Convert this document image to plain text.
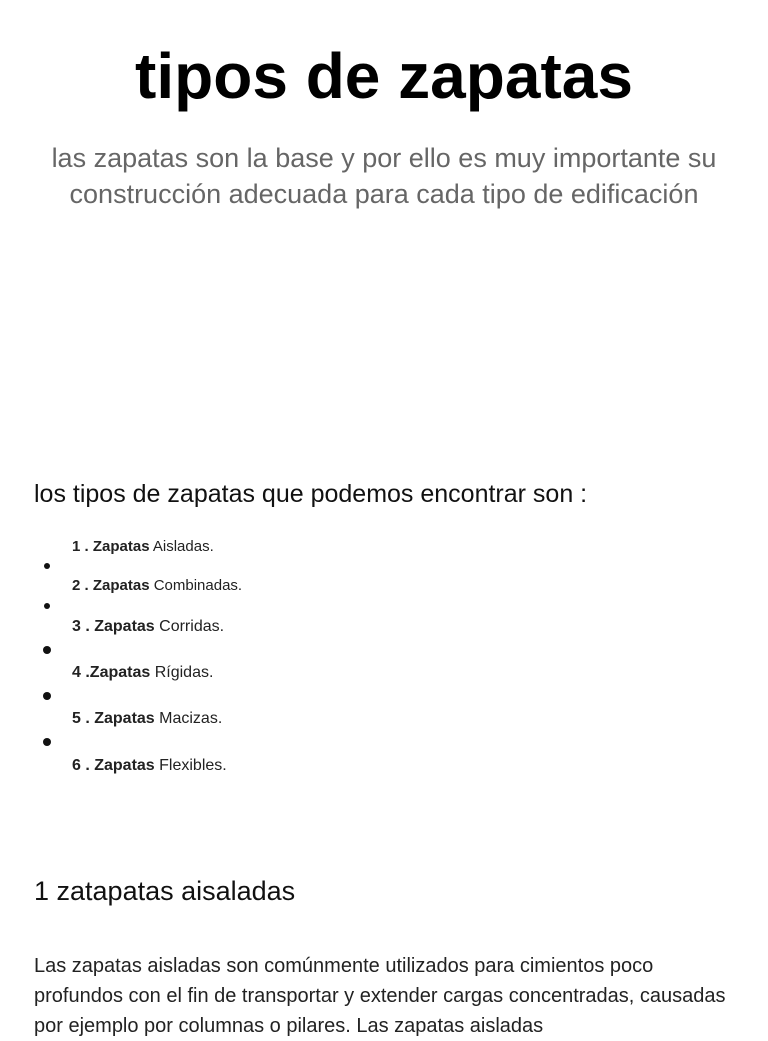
tipos de zapatas

las zapatas son la base y por ello es muy importante su construcción adecuada para cada tipo de edificación

los tipos de zapatas que podemos encontrar son :

1 . Zapatas Aisladas.

2 . Zapatas Combinadas.

3 . Zapatas Corridas.

4 .Zapatas Rígidas.

5 . Zapatas Macizas.

6 . Zapatas Flexibles.

1 zatapatas aisaladas

Las zapatas aisladas son comúnmente utilizados para cimientos poco profundos con el fin de transportar y extender cargas concentradas, causadas por ejemplo por columnas o pilares. Las zapatas aisladas
